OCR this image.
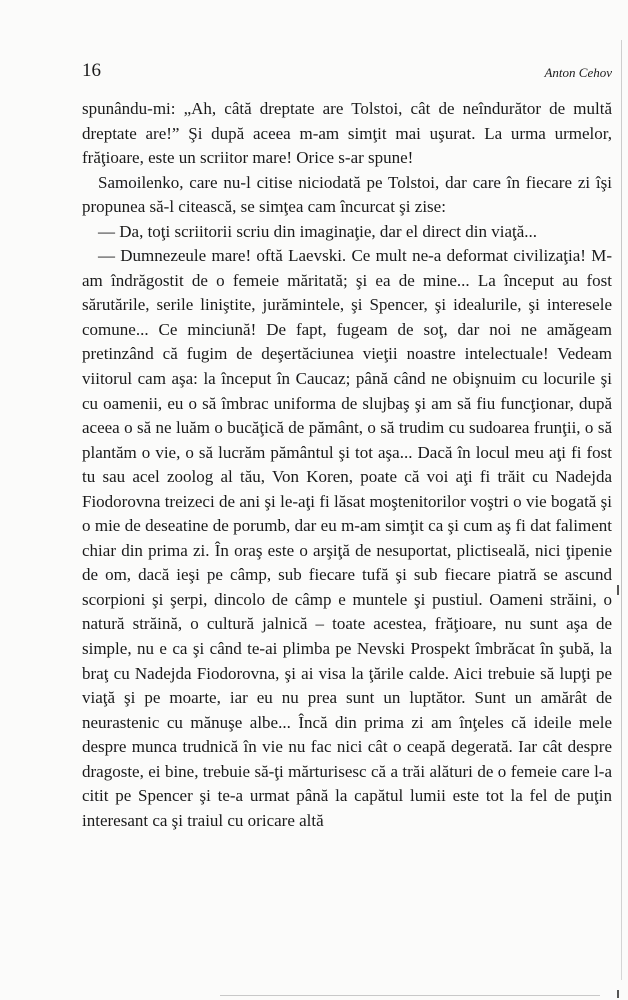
16	Anton Cehov

spunându-mi: „Ah, câtă dreptate are Tolstoi, cât de neîndurător de multă dreptate are!” Şi după aceea m-am simţit mai uşurat. La urma urmelor, frăţioare, este un scriitor mare! Orice s-ar spune!

Samoilenko, care nu-l citise niciodată pe Tolstoi, dar care în fiecare zi îşi propunea să-l citească, se simţea cam încurcat şi zise:

— Da, toţi scriitorii scriu din imaginaţie, dar el direct din viaţă...

— Dumnezeule mare! oftă Laevski. Ce mult ne-a deformat civilizaţia! M-am îndrăgostit de o femeie măritată; şi ea de mine... La început au fost sărutările, serile liniştite, jurămintele, şi Spencer, şi idealurile, şi interesele comune... Ce minciună! De fapt, fugeam de soţ, dar noi ne amăgeam pretinzând că fugim de deşertăciunea vieţii noastre intelectuale! Vedeam viitorul cam aşa: la început în Caucaz; până când ne obişnuim cu locurile şi cu oamenii, eu o să îmbrac uniforma de slujbaş şi am să fiu funcţionar, după aceea o să ne luăm o bucăţică de pământ, o să trudim cu sudoarea frunţii, o să plantăm o vie, o să lucrăm pământul şi tot aşa... Dacă în locul meu aţi fi fost tu sau acel zoolog al tău, Von Koren, poate că voi aţi fi trăit cu Nadejda Fiodorovna treizeci de ani şi le-aţi fi lăsat moştenitorilor voştri o vie bogată şi o mie de deseatine de porumb, dar eu m-am simţit ca şi cum aş fi dat faliment chiar din prima zi. În oraş este o arşiţă de nesuportat, plictiseală, nici ţipenie de om, dacă ieşi pe câmp, sub fiecare tufă şi sub fiecare piatră se ascund scorpioni şi şerpi, dincolo de câmp e muntele şi pustiul. Oameni străini, o natură străină, o cultură jalnică – toate acestea, frăţioare, nu sunt aşa de simple, nu e ca şi când te-ai plimba pe Nevski Prospekt îmbrăcat în şubă, la braţ cu Nadejda Fiodorovna, şi ai visa la ţările calde. Aici trebuie să lupţi pe viaţă şi pe moarte, iar eu nu prea sunt un luptător. Sunt un amărât de neurastenic cu mănuşe albe... Încă din prima zi am înţeles că ideile mele despre munca trudnică în vie nu fac nici cât o ceapă degerată. Iar cât despre dragoste, ei bine, trebuie să-ţi mărturisesc că a trăi alături de o femeie care l-a citit pe Spencer şi te-a urmat până la capătul lumii este tot la fel de puţin interesant ca şi traiul cu oricare altă
